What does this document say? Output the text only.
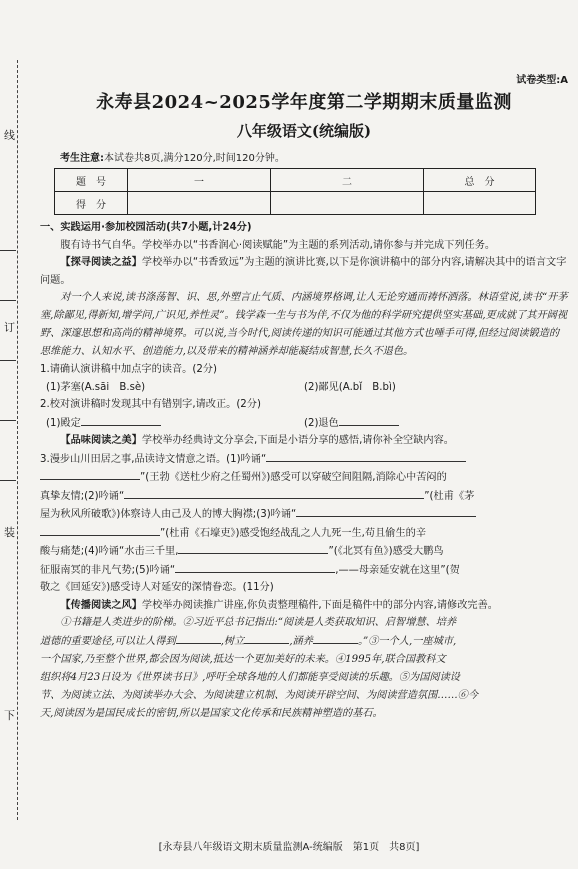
线
订
装
下
试卷类型:A
永寿县2024~2025学年度第二学期期末质量监测
八年级语文(统编版)
考生注意:本试卷共8页,满分120分,时间120分钟。
题　号	一	二	总　分
得　分			

一、实践运用·参加校园活动(共7小题,计24分)

腹有诗书气自华。学校举办以“书香润心·阅读赋能”为主题的系列活动,请你参与并完成下列任务。

【探寻阅读之益】学校举办以“书香致远”为主题的演讲比赛,以下是你演讲稿中的部分内容,请解决其中的语言文字问题。

对一个人来说,读书涤荡智、识、思,外塑言止气质、内涵境界格调,让人无论穷通而祷怀洒落。林语堂说,读书“开茅塞,除鄙见,得新知,增学问,广识见,养性灵”。钱学森一生与书为伴,不仅为他的科学研究提供坚实基础,更成就了其开阔视野、深邃思想和高尚的精神境界。可以说,当今时代,阅读传递的知识可能通过其他方式也唾手可得,但经过阅读锻造的思维能力、认知水平、创造能力,以及带来的精神涵养却能凝结成智慧,长久不退色。

1.请确认演讲稿中加点字的读音。(2分)

(1)茅塞(A.sāi　B.sè)	(2)鄙见(A.bǐ　B.bì)

2.校对演讲稿时发现其中有错别字,请改正。(2分)

(1)殿定	(2)退色

【品味阅读之美】学校举办经典诗文分享会,下面是小语分享的感悟,请你补全空缺内容。

3.漫步山川田居之事,品读诗文情意之语。(1)吟诵“

”(王勃《送杜少府之任蜀州》)感受可以穿破空间阻隔,消除心中苦闷的

真挚友情;(2)吟诵“	”(杜甫《茅

屋为秋风所破歌》)体察诗人由己及人的博大胸襟;(3)吟诵“

”(杜甫《石壕吏》)感受饱经战乱之人九死一生,苟且偷生的辛

酸与痛楚;(4)吟诵“水击三千里,	”(《北冥有鱼》)感受大鹏鸟

征服南冥的非凡气势;(5)吟诵“	,——母亲延安就在这里”(贺

敬之《回延安》)感受诗人对延安的深情眷恋。(11分)

【传播阅读之风】学校举办阅读推广讲座,你负责整理稿件,下面是稿件中的部分内容,请修改完善。

①书籍是人类进步的阶梯。②习近平总书记指出:“阅读是人类获取知识、启智增慧、培养

道德的重要途径,可以让人得到	,树立	,涵养	。”③一个人,一座城市,

一个国家,乃至整个世界,都会因为阅读,抵达一个更加美好的未来。④1995年,联合国教科文

组织将4月23日设为《世界读书日》,呼吁全球各地的人们都能享受阅读的乐趣。⑤为国阅读设

节、为阅读立法、为阅读举办大会、为阅读建立机制、为阅读开辟空间、为阅读营造氛围……⑥今

天,阅读因为是国民成长的密钥,所以是国家文化传承和民族精神塑造的基石。

[永寿县八年级语文期末质量监测A-统编版　第1页　共8页]
